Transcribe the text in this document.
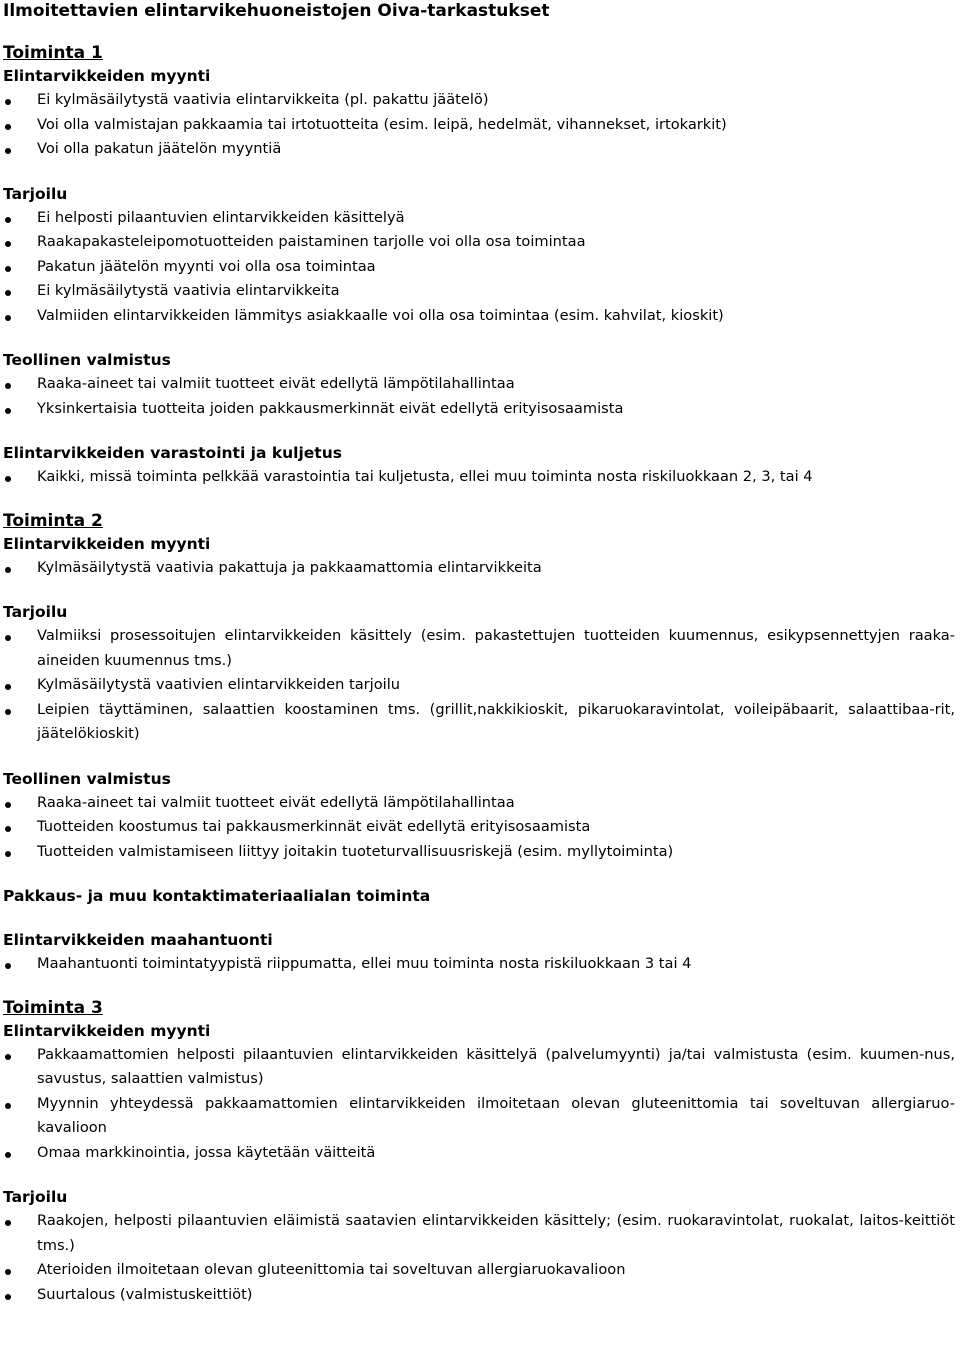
Ilmoitettavien elintarvikehuoneistojen Oiva-tarkastukset
Toiminta 1
Elintarvikkeiden myynti
Ei kylmäsäilytystä vaativia elintarvikkeita (pl. pakattu jäätelö)
Voi olla valmistajan pakkaamia tai irtotuotteita (esim. leipä, hedelmät, vihannekset, irtokarkit)
Voi olla pakatun jäätelön myyntiä
Tarjoilu
Ei helposti pilaantuvien elintarvikkeiden käsittelyä
Raakapakasteleipomotuotteiden paistaminen tarjolle voi olla osa toimintaa
Pakatun jäätelön myynti voi olla osa toimintaa
Ei kylmäsäilytystä vaativia elintarvikkeita
Valmiiden elintarvikkeiden lämmitys asiakkaalle voi olla osa toimintaa (esim. kahvilat, kioskit)
Teollinen valmistus
Raaka-aineet tai valmiit tuotteet eivät edellytä lämpötilahallintaa
Yksinkertaisia tuotteita joiden pakkausmerkinnät eivät edellytä erityisosaamista
Elintarvikkeiden varastointi ja kuljetus
Kaikki, missä toiminta pelkkää varastointia tai kuljetusta, ellei muu toiminta nosta riskiluokkaan 2, 3, tai 4
Toiminta 2
Elintarvikkeiden myynti
Kylmäsäilytystä vaativia pakattuja ja pakkaamattomia elintarvikkeita
Tarjoilu
Valmiiksi prosessoitujen elintarvikkeiden käsittely (esim. pakastettujen tuotteiden kuumennus, esikypsennettyjen raaka-aineiden kuumennus tms.)
Kylmäsäilytystä vaativien elintarvikkeiden tarjoilu
Leipien täyttäminen, salaattien koostaminen tms. (grillit,nakkikioskit, pikaruokaravintolat, voileipäbaarit, salaattibaa-rit, jäätelökioskit)
Teollinen valmistus
Raaka-aineet tai valmiit tuotteet eivät edellytä lämpötilahallintaa
Tuotteiden koostumus tai pakkausmerkinnät eivät edellytä erityisosaamista
Tuotteiden valmistamiseen liittyy joitakin tuoteturvallisuusriskejä (esim. myllytoiminta)
Pakkaus- ja muu kontaktimateriaalialan toiminta
Elintarvikkeiden maahantuonti
Maahantuonti toimintatyypistä riippumatta, ellei muu toiminta nosta riskiluokkaan 3 tai 4
Toiminta 3
Elintarvikkeiden myynti
Pakkaamattomien helposti pilaantuvien elintarvikkeiden käsittelyä (palvelumyynti) ja/tai valmistusta (esim. kuumen-nus, savustus, salaattien valmistus)
Myynnin yhteydessä pakkaamattomien elintarvikkeiden ilmoitetaan olevan gluteenittomia tai soveltuvan allergiaruo-kavalioon
Omaa markkinointia, jossa käytetään väitteitä
Tarjoilu
Raakojen, helposti pilaantuvien eläimistä saatavien elintarvikkeiden käsittely; (esim. ruokaravintolat, ruokalat, laitos-keittiöt tms.)
Aterioiden ilmoitetaan olevan gluteenittomia tai soveltuvan allergiaruokavalioon
Suurtalous (valmistuskeittiöt)
